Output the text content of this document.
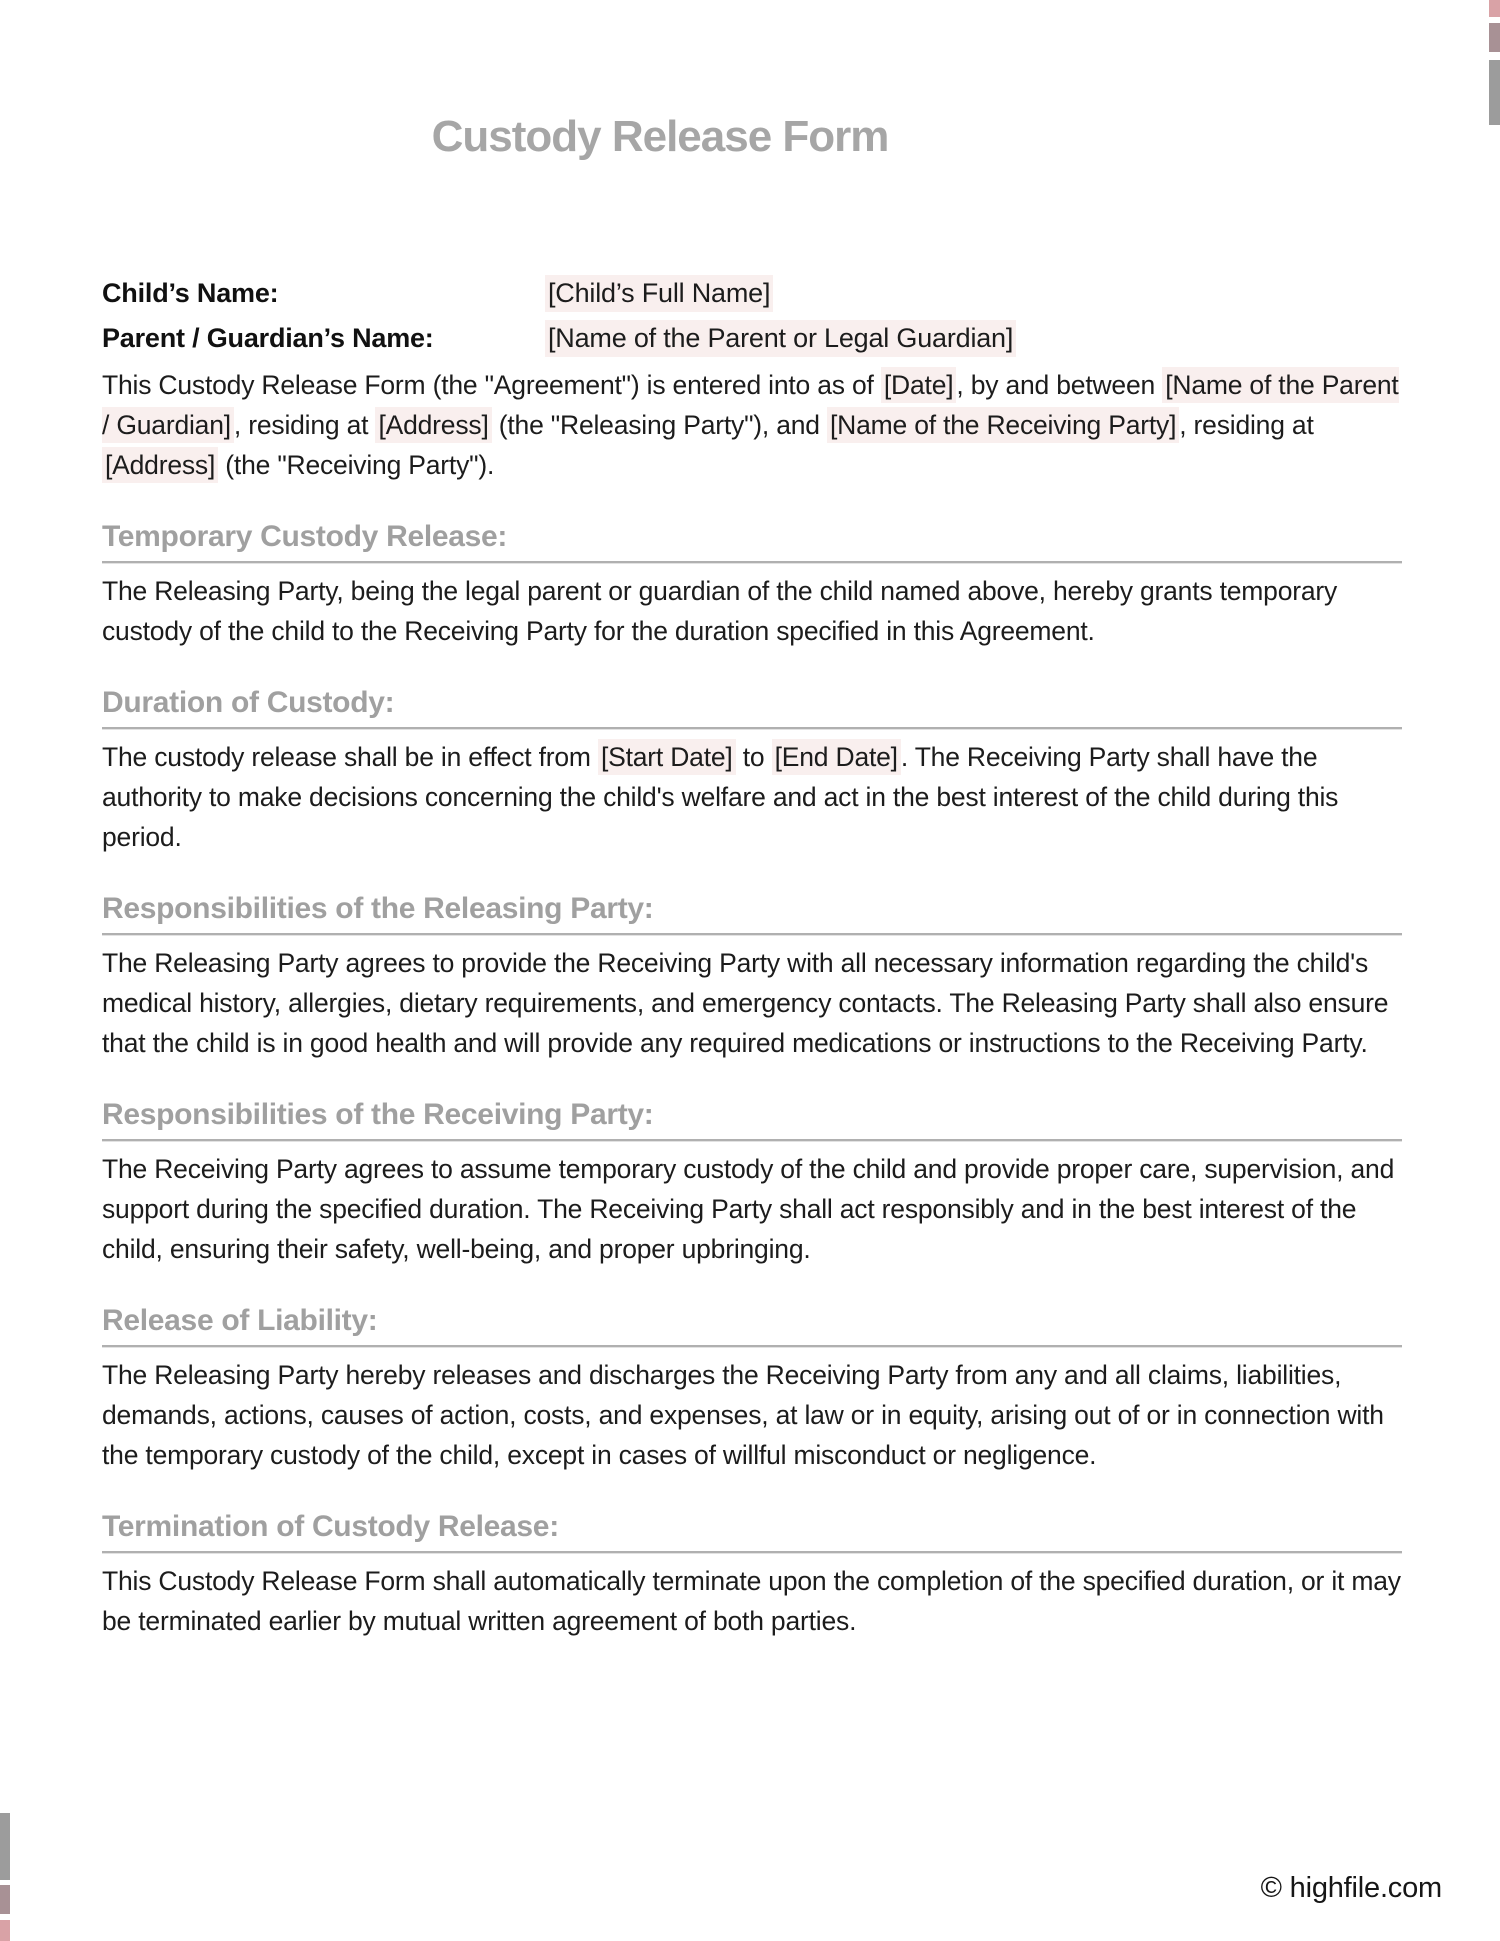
Custody Release Form
Child’s Name:	[Child’s Full Name]
Parent / Guardian’s Name:	[Name of the Parent or Legal Guardian]

This Custody Release Form (the "Agreement") is entered into as of [Date] , by and between [Name of the Parent / Guardian] , residing at [Address] (the "Releasing Party"), and [Name of the Receiving Party] , residing at [Address] (the "Receiving Party").

Temporary Custody Release:

The Releasing Party, being the legal parent or guardian of the child named above, hereby grants temporary custody of the child to the Receiving Party for the duration specified in this Agreement.

Duration of Custody:

The custody release shall be in effect from [Start Date] to [End Date] . The Receiving Party shall have the authority to make decisions concerning the child's welfare and act in the best interest of the child during this period.

Responsibilities of the Releasing Party:

The Releasing Party agrees to provide the Receiving Party with all necessary information regarding the child's medical history, allergies, dietary requirements, and emergency contacts. The Releasing Party shall also ensure that the child is in good health and will provide any required medications or instructions to the Receiving Party.

Responsibilities of the Receiving Party:

The Receiving Party agrees to assume temporary custody of the child and provide proper care, supervision, and support during the specified duration. The Receiving Party shall act responsibly and in the best interest of the child, ensuring their safety, well-being, and proper upbringing.

Release of Liability:

The Releasing Party hereby releases and discharges the Receiving Party from any and all claims, liabilities, demands, actions, causes of action, costs, and expenses, at law or in equity, arising out of or in connection with the temporary custody of the child, except in cases of willful misconduct or negligence.

Termination of Custody Release:

This Custody Release Form shall automatically terminate upon the completion of the specified duration, or it may be terminated earlier by mutual written agreement of both parties.

© highfile.com
